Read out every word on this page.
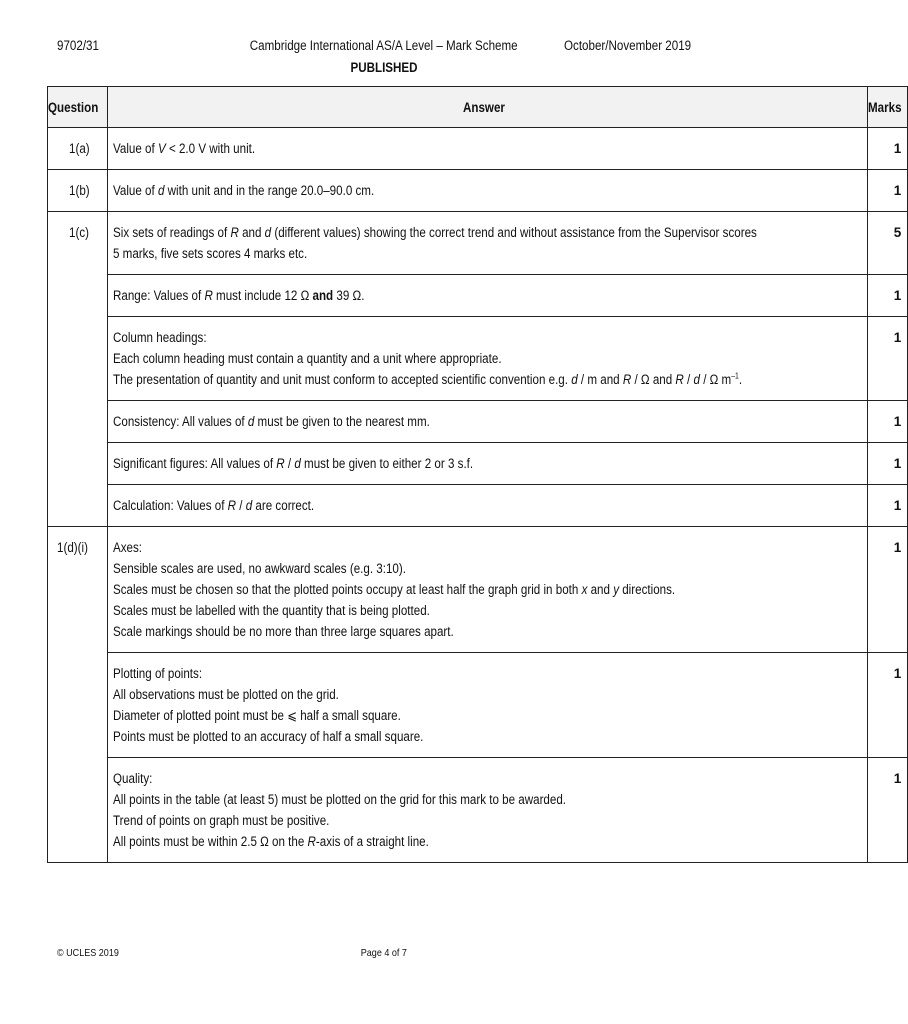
9702/31	Cambridge International AS/A Level – Mark Scheme	October/November 2019
PUBLISHED
Question	Answer	Marks
1(a)	Value of V < 2.0 V with unit.	1
1(b)	Value of d with unit and in the range 20.0–90.0 cm.	1
1(c)	Six sets of readings of R and d (different values) showing the correct trend and without assistance from the Supervisor scores
5 marks, five sets scores 4 marks etc.	5

	Range: Values of R must include 12 Ω and 39 Ω.	1

	Column headings:
Each column heading must contain a quantity and a unit where appropriate.
The presentation of quantity and unit must conform to accepted scientific convention e.g. d / m and R / Ω and R / d / Ω $m^{-1}$.	1

	Consistency: All values of d must be given to the nearest mm.	1

	Significant figures: All values of R / d must be given to either 2 or 3 s.f.	1

	Calculation: Values of R / d are correct.	1
1(d)(i)	Axes:
Sensible scales are used, no awkward scales (e.g. 3:10).
Scales must be chosen so that the plotted points occupy at least half the graph grid in both x and y directions.
Scales must be labelled with the quantity that is being plotted.
Scale markings should be no more than three large squares apart.	1

	Plotting of points:
All observations must be plotted on the grid.
Diameter of plotted point must be ⩽ half a small square.
Points must be plotted to an accuracy of half a small square.	1

	Quality:
All points in the table (at least 5) must be plotted on the grid for this mark to be awarded.
Trend of points on graph must be positive.
All points must be within 2.5 Ω on the R-axis of a straight line.	1
© UCLES 2019	Page 4 of 7
